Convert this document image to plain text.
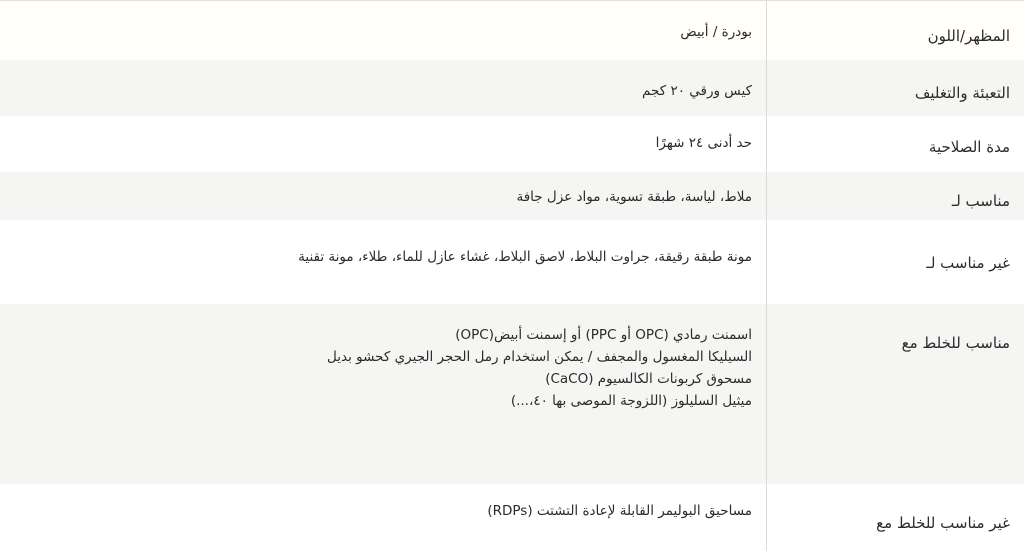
المظهر/اللون
بودرة / أبيض
التعبئة والتغليف
كيس ورقي ٢٠ كجم
مدة الصلاحية
حد أدنى ٢٤ شهرًا
مناسب لـ
ملاط، لياسة، طبقة تسوية، مواد عزل جافة
غير مناسب لـ
مونة طبقة رقيقة، جراوت البلاط، لاصق البلاط، غشاء عازل للماء، طلاء، مونة تقنية
مناسب للخلط مع
اسمنت رمادي (OPC أو PPC) أو إسمنت أبيض(OPC)
السيليكا المغسول والمجفف / يمكن استخدام رمل الحجر الجيري كحشو بديل
مسحوق كربونات الكالسيوم (CaCO)
ميثيل السليلوز (اللزوجة الموصى بها ٤٠،...)
غير مناسب للخلط مع
مساحيق البوليمر القابلة لإعادة التشتت (RDPs)
